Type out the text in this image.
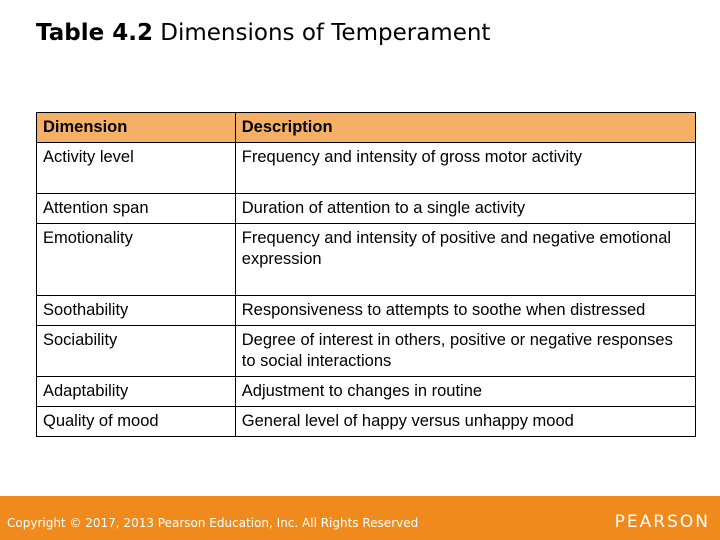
Table 4.2 Dimensions of Temperament
Dimension	Description
Activity level	Frequency and intensity of gross motor activity
Attention span	Duration of attention to a single activity
Emotionality	Frequency and intensity of positive and negative emotional expression
Soothability	Responsiveness to attempts to soothe when distressed
Sociability	Degree of interest in others, positive or negative responses to social interactions
Adaptability	Adjustment to changes in routine
Quality of mood	General level of happy versus unhappy mood
Copyright © 2017, 2013 Pearson Education, Inc. All Rights Reserved	PEARSON
